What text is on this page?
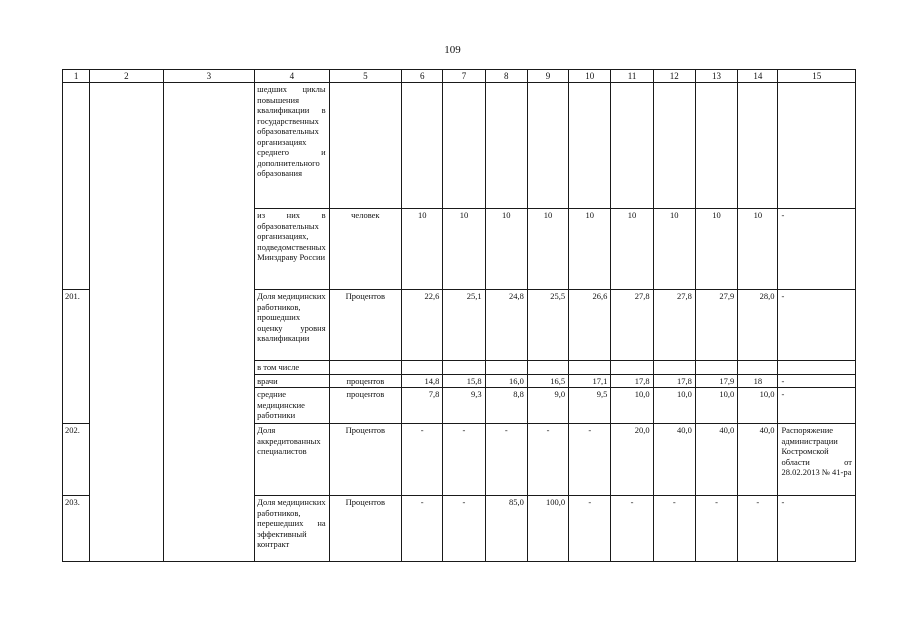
109
1	2	3	4	5	6	7	8	9	10	11	12	13	14	15
			шедших циклы повышения квалификации в государственных образовательных организациях среднего и дополнительного образования											
			из них в образовательных организациях, подведомственных Минздраву России	человек	10	10	10	10	10	10	10	10	10	-
201.			Доля медицинских работников, прошедших оценку уровня квалификации	Процентов	22,6	25,1	24,8	25,5	26,6	27,8	27,8	27,9	28,0	-
			в том числе											
			врачи	процентов	14,8	15,8	16,0	16,5	17,1	17,8	17,8	17,9	18	-
			средние медицинские работники	процентов	7,8	9,3	8,8	9,0	9,5	10,0	10,0	10,0	10,0	-
202.			Доля аккредитованных специалистов	Процентов	-	-	-	-	-	20,0	40,0	40,0	40,0	Распоряжение администрации Костромской области от 28.02.2013 № 41-ра
203.			Доля медицинских работников, перешедших на эффективный контракт	Процентов	-	-	85,0	100,0	-	-	-	-	-	-
